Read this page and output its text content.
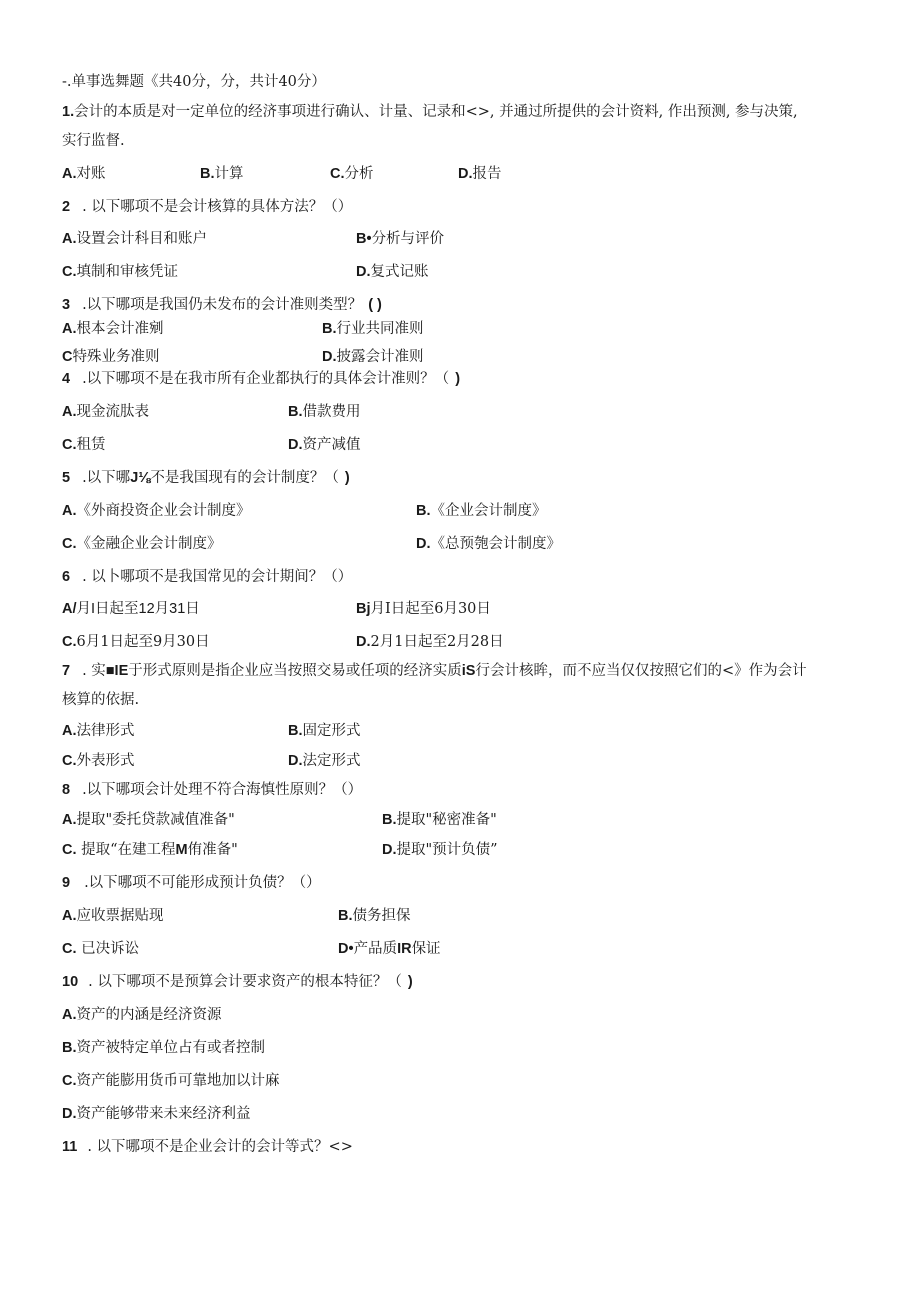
-.单事选舞题《共40分，分，共计40分）
1.会计的本质是对一定单位的经济事项进行确认、计量、记录和<>, 并通过所提供的会计资料, 作出预测, 参与决策,
实行监督.
A.对账	B.计算	C.分析	D.报告
2 . 以下哪项不是会计核算的具体方法？（）
A.设置会计科目和账户	B•分析与评价
C.填制和审核凭证	D.复式记账
3 .以下哪项是我国仍未发布的会计准则类型？ ( )
A.根本会计准剜	B.行业共同准则
C特殊业务准则	D.披露会计准则
4 .以下哪项不是在我市所有企业都执行的具体会计准则？（ )
A.现金流肽表	B.借款费用
C.租赁	D.资产减值
5 .以下哪J⅛不是我国现有的会计制度？（ )
A.《外商投资企业会计制度》	B.《企业会计制度》
C.《金融企业会计制度》	D.《总预匏会计制度》
6 . 以卜哪项不是我国常见的会计期间？（）
A/月I日起至12月31日	Bj月I日起至6月30日
C.6月1日起至9月30日	D.2月1日起至2月28日
7 . 实■IE于形式原则是指企业应当按照交易或任项的经济实质iS行会计核眸，而不应当仅仅按照它们的<》作为会计
核算的依据.
A.法律形式	B.固定形式
C.外表形式	D.法定形式
8 .以下哪项会计处理不符合海慎性原则？（）
A.提取"委托贷款减值准备"	B.提取"秘密准备"
C. 提取“在建工程M侑准备"	D.提取"预计负债”
9 .以下哪项不可能形成预计负债？（）
A.应收票据贴现	B.债务担保
C. 已决诉讼	D•产品质IR保证
10 . 以下哪项不是预算会计要求资产的根本特征？（ )
A.资产的内涵是经济资源
B.资产被特定单位占有或者控制
C.资产能膨用货币可靠地加以计麻
D.资产能够带来未来经济利益
11 . 以下哪项不是企业会计的会计等式？<>
